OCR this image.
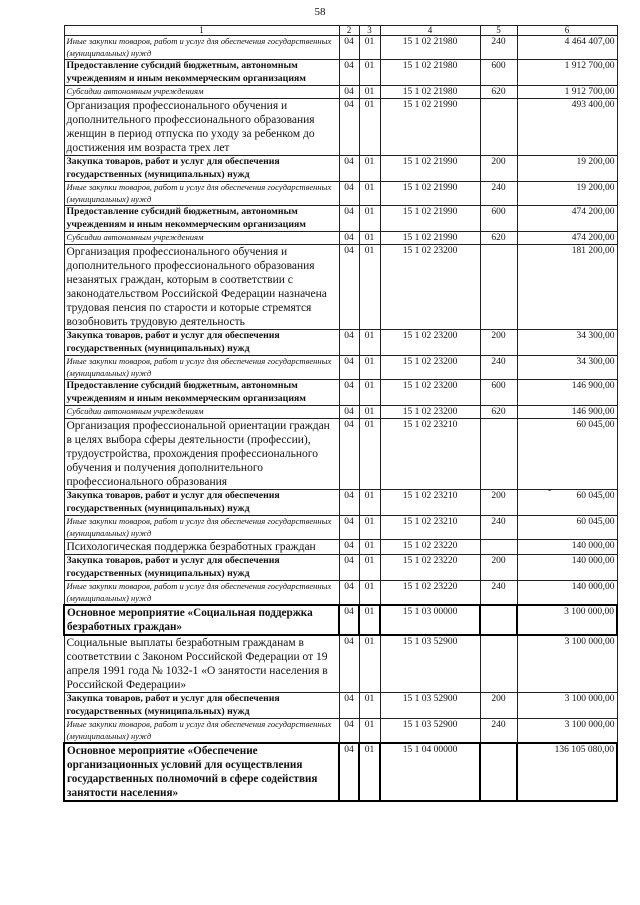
58
1	2	3	4	5	6
Иные закупки товаров, работ и услуг для обеспечения государственных (муниципальных) нужд	04	01	15 1 02 21980	240	4 464 407,00
Предоставление субсидий бюджетным, автономным учреждениям и иным некоммерческим организациям	04	01	15 1 02 21980	600	1 912 700,00
Субсидии автономным учреждениям	04	01	15 1 02 21980	620	1 912 700,00
Организация профессионального обучения и дополнительного профессионального образования женщин в период отпуска по уходу за ребенком до достижения им возраста трех лет	04	01	15 1 02 21990		493 400,00
Закупка товаров, работ и услуг для обеспечения государственных (муниципальных) нужд	04	01	15 1 02 21990	200	19 200,00
Иные закупки товаров, работ и услуг для обеспечения государственных (муниципальных) нужд	04	01	15 1 02 21990	240	19 200,00
Предоставление субсидий бюджетным, автономным учреждениям и иным некоммерческим организациям	04	01	15 1 02 21990	600	474 200,00
Субсидии автономным учреждениям	04	01	15 1 02 21990	620	474 200,00
Организация профессионального обучения и дополнительного профессионального образования незанятых граждан, которым в соответствии с законодательством Российской Федерации назначена трудовая пенсия по старости и которые стремятся возобновить трудовую деятельность	04	01	15 1 02 23200		181 200,00
Закупка товаров, работ и услуг для обеспечения государственных (муниципальных) нужд	04	01	15 1 02 23200	200	34 300,00
Иные закупки товаров, работ и услуг для обеспечения государственных (муниципальных) нужд	04	01	15 1 02 23200	240	34 300,00
Предоставление субсидий бюджетным, автономным учреждениям и иным некоммерческим организациям	04	01	15 1 02 23200	600	146 900,00
Субсидии автономным учреждениям	04	01	15 1 02 23200	620	146 900,00
Организация профессиональной ориентации граждан в целях выбора сферы деятельности (профессии), трудоустройства, прохождения профессионального обучения и получения дополнительного профессионального образования	04	01	15 1 02 23210		60 045,00
Закупка товаров, работ и услуг для обеспечения государственных (муниципальных) нужд	04	01	15 1 02 23210	200	60 045,00
Иные закупки товаров, работ и услуг для обеспечения государственных (муниципальных) нужд	04	01	15 1 02 23210	240	60 045,00
Психологическая поддержка безработных граждан	04	01	15 1 02 23220		140 000,00
Закупка товаров, работ и услуг для обеспечения государственных (муниципальных) нужд	04	01	15 1 02 23220	200	140 000,00
Иные закупки товаров, работ и услуг для обеспечения государственных (муниципальных) нужд	04	01	15 1 02 23220	240	140 000,00
Основное мероприятие «Социальная поддержка безработных граждан»	04	01	15 1 03 00000		3 100 000,00
Социальные выплаты безработным гражданам в соответствии с Законом Российской Федерации от 19 апреля 1991 года № 1032-1 «О занятости населения в Российской Федерации»	04	01	15 1 03 52900		3 100 000,00
Закупка товаров, работ и услуг для обеспечения государственных (муниципальных) нужд	04	01	15 1 03 52900	200	3 100 000,00
Иные закупки товаров, работ и услуг для обеспечения государственных (муниципальных) нужд	04	01	15 1 03 52900	240	3 100 000,00
Основное мероприятие «Обеспечение организационных условий для осуществления государственных полномочий в сфере содействия занятости населения»	04	01	15 1 04 00000		136 105 080,00
-
